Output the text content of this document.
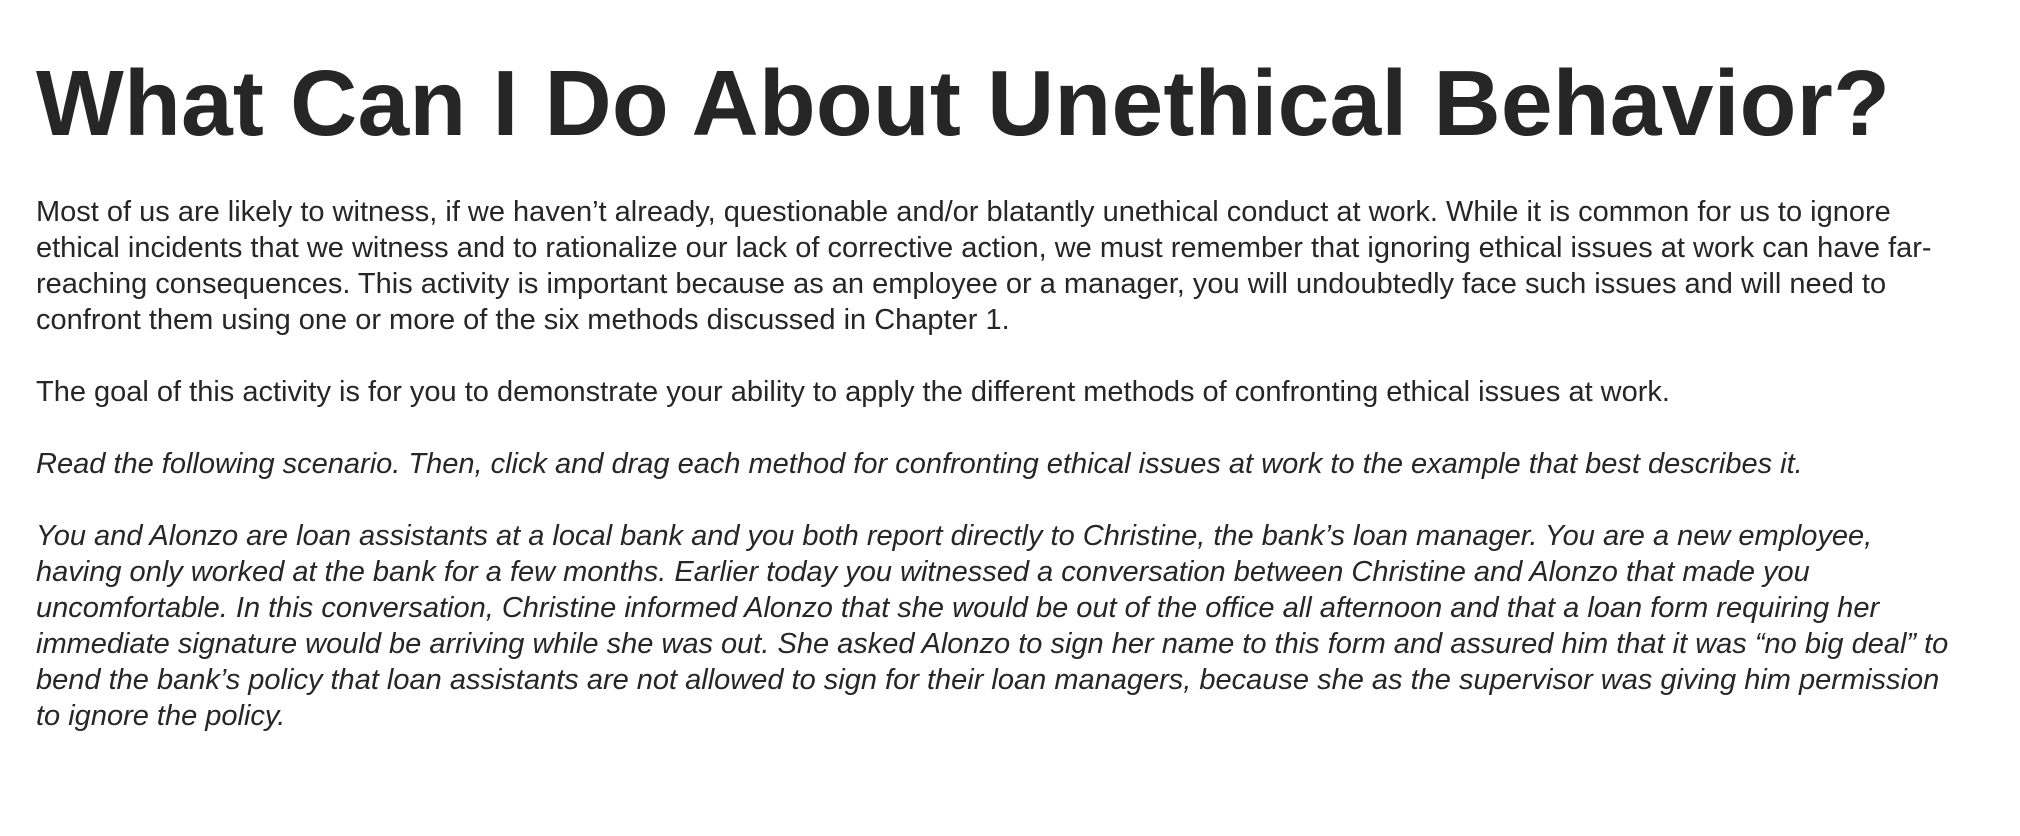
What Can I Do About Unethical Behavior?

Most of us are likely to witness, if we haven’t already, questionable and/or blatantly unethical conduct at work. While it is common for us to ignore ethical incidents that we witness and to rationalize our lack of corrective action, we must remember that ignoring ethical issues at work can have far-reaching consequences. This activity is important because as an employee or a manager, you will undoubtedly face such issues and will need to confront them using one or more of the six methods discussed in Chapter 1.

The goal of this activity is for you to demonstrate your ability to apply the different methods of confronting ethical issues at work.

Read the following scenario. Then, click and drag each method for confronting ethical issues at work to the example that best describes it.

You and Alonzo are loan assistants at a local bank and you both report directly to Christine, the bank’s loan manager. You are a new employee, having only worked at the bank for a few months. Earlier today you witnessed a conversation between Christine and Alonzo that made you uncomfortable. In this conversation, Christine informed Alonzo that she would be out of the office all afternoon and that a loan form requiring her immediate signature would be arriving while she was out. She asked Alonzo to sign her name to this form and assured him that it was “no big deal” to bend the bank’s policy that loan assistants are not allowed to sign for their loan managers, because she as the supervisor was giving him permission to ignore the policy.
